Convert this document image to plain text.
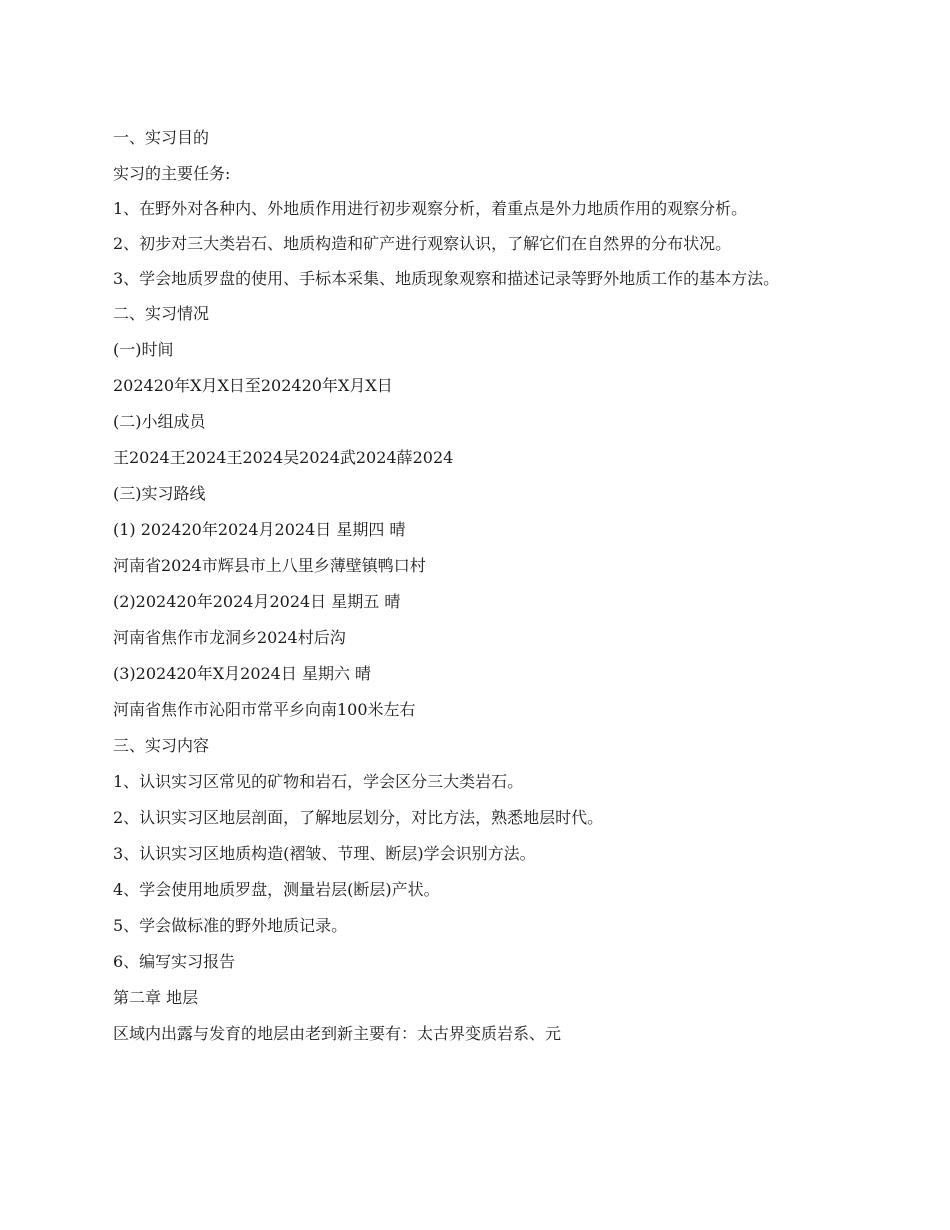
一、实习目的

实习的主要任务:

1、在野外对各种内、外地质作用进行初步观察分析，着重点是外力地质作用的观察分析。

2、初步对三大类岩石、地质构造和矿产进行观察认识，了解它们在自然界的分布状况。

3、学会地质罗盘的使用、手标本采集、地质现象观察和描述记录等野外地质工作的基本方法。

二、实习情况

(一)时间

202420年X月X日至202420年X月X日

(二)小组成员

王2024王2024王2024吴2024武2024薛2024

(三)实习路线

(1) 202420年2024月2024日 星期四 晴

河南省2024市辉县市上八里乡薄壁镇鸭口村

(2)202420年2024月2024日 星期五 晴

河南省焦作市龙洞乡2024村后沟

(3)202420年X月2024日 星期六 晴

河南省焦作市沁阳市常平乡向南100米左右

三、实习内容

1、认识实习区常见的矿物和岩石，学会区分三大类岩石。

2、认识实习区地层剖面，了解地层划分，对比方法，熟悉地层时代。

3、认识实习区地质构造(褶皱、节理、断层)学会识别方法。

4、学会使用地质罗盘，测量岩层(断层)产状。

5、学会做标准的野外地质记录。

6、编写实习报告

第二章 地层

区域内出露与发育的地层由老到新主要有：太古界变质岩系、元
